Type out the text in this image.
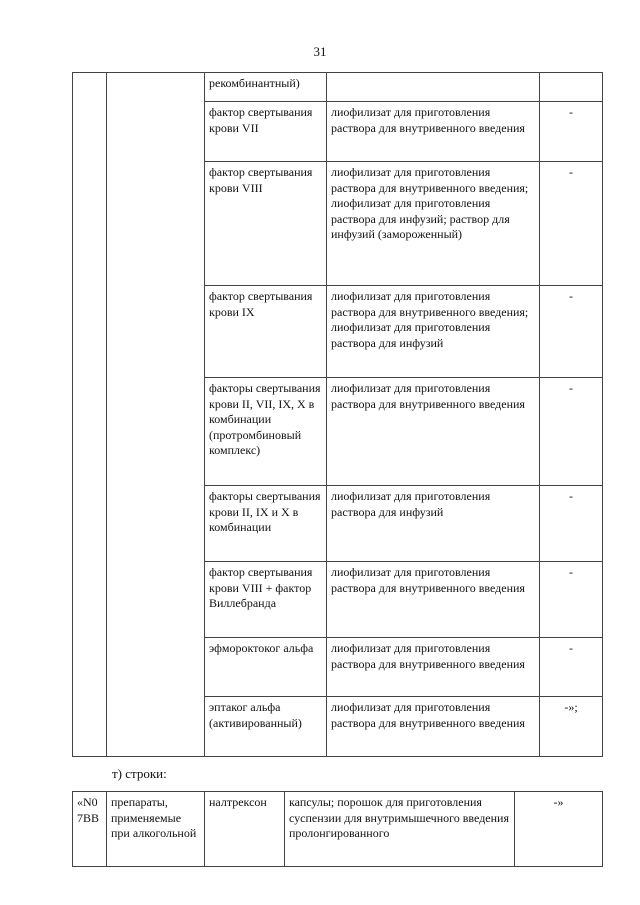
31
		рекомбинантный)		
		фактор свертывания крови VII	лиофилизат для приготовления раствора для внутривенного введения	-
		фактор свертывания крови VIII	лиофилизат для приготовления раствора для внутривенного введения; лиофилизат для приготовления раствора для инфузий; раствор для инфузий (замороженный)	-
		фактор свертывания крови IX	лиофилизат для приготовления раствора для внутривенного введения; лиофилизат для приготовления раствора для инфузий	-
		факторы свертывания крови II, VII, IX, X в комбинации (протромбиновый комплекс)	лиофилизат для приготовления раствора для внутривенного введения	-
		факторы свертывания крови II, IX и X в комбинации	лиофилизат для приготовления раствора для инфузий	-
		фактор свертывания крови VIII + фактор Виллебранда	лиофилизат для приготовления раствора для внутривенного введения	-
		эфмороктоког альфа	лиофилизат для приготовления раствора для внутривенного введения	-
		эптаког альфа (активированный)	лиофилизат для приготовления раствора для внутривенного введения	-»;
т) строки:
«N07BB	препараты, применяемые при алкогольной	налтрексон	капсулы; порошок для приготовления суспензии для внутримышечного введения пролонгированного	-»
